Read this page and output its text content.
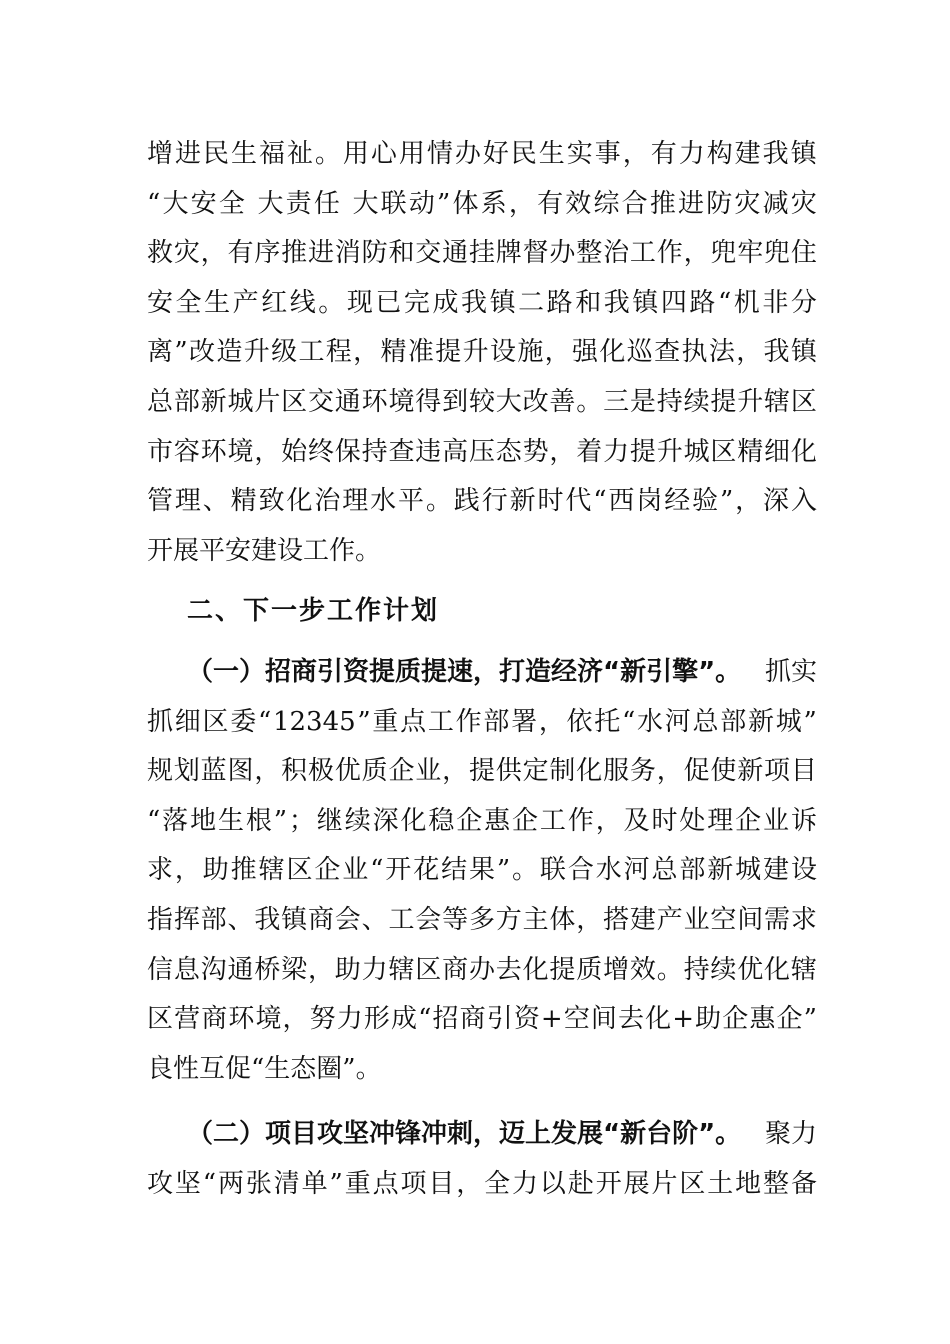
增 进 民 生 福 祉 。 用 心 用 情 办 好 民 生 实 事 ， 有 力 构 建 我 镇
“ 大 安 全
大 责 任
大 联 动 ” 体 系 ， 有 效 综 合 推 进 防 灾 减 灾
救 灾 ， 有 序 推 进 消 防 和 交 通 挂 牌 督 办 整 治 工 作 ， 兜 牢 兜 住
安 全 生 产 红 线 。 现 已 完 成 我 镇 二 路 和 我 镇 四 路 “ 机 非 分
离 ” 改 造 升 级 工 程 ， 精 准 提 升 设 施 ， 强 化 巡 查 执 法 ， 我 镇
总 部 新 城 片 区 交 通 环 境 得 到 较 大 改 善 。 三 是 持 续 提 升 辖 区
市 容 环 境 ， 始 终 保 持 查 违 高 压 态 势 ， 着 力 提 升 城 区 精 细 化
管 理 、 精 致 化 治 理 水 平 。 践 行 新 时 代 “ 西 岗 经 验 ” ， 深 入
开展平安建设工作。
二、下一步工作计划
（一）招商引资提质提速，打造经济“新引擎”。 抓实
抓 细 区 委 “ 12345 ” 重 点 工 作 部 署 ， 依 托 “ 水 河 总 部 新 城 ”
规 划 蓝 图 ， 积 极 优 质 企 业 ， 提 供 定 制 化 服 务 ， 促 使 新 项 目
“ 落 地 生 根 ” ； 继 续 深 化 稳 企 惠 企 工 作 ， 及 时 处 理 企 业 诉
求 ， 助 推 辖 区 企 业 “ 开 花 结 果 ” 。 联 合 水 河 总 部 新 城 建 设
指 挥 部 、 我 镇 商 会 、 工 会 等 多 方 主 体 ， 搭 建 产 业 空 间 需 求
信 息 沟 通 桥 梁 ， 助 力 辖 区 商 办 去 化 提 质 增 效 。 持 续 优 化 辖
区 营 商 环 境 ， 努 力 形 成 “ 招 商 引 资 + 空 间 去 化 + 助 企 惠 企 ”
良性互促“生态圈”。
（二）项目攻坚冲锋冲刺，迈上发展“新台阶”。 聚力
攻 坚 “ 两 张 清 单 ” 重 点 项 目 ， 全 力 以 赴 开 展 片 区 土 地 整 备
